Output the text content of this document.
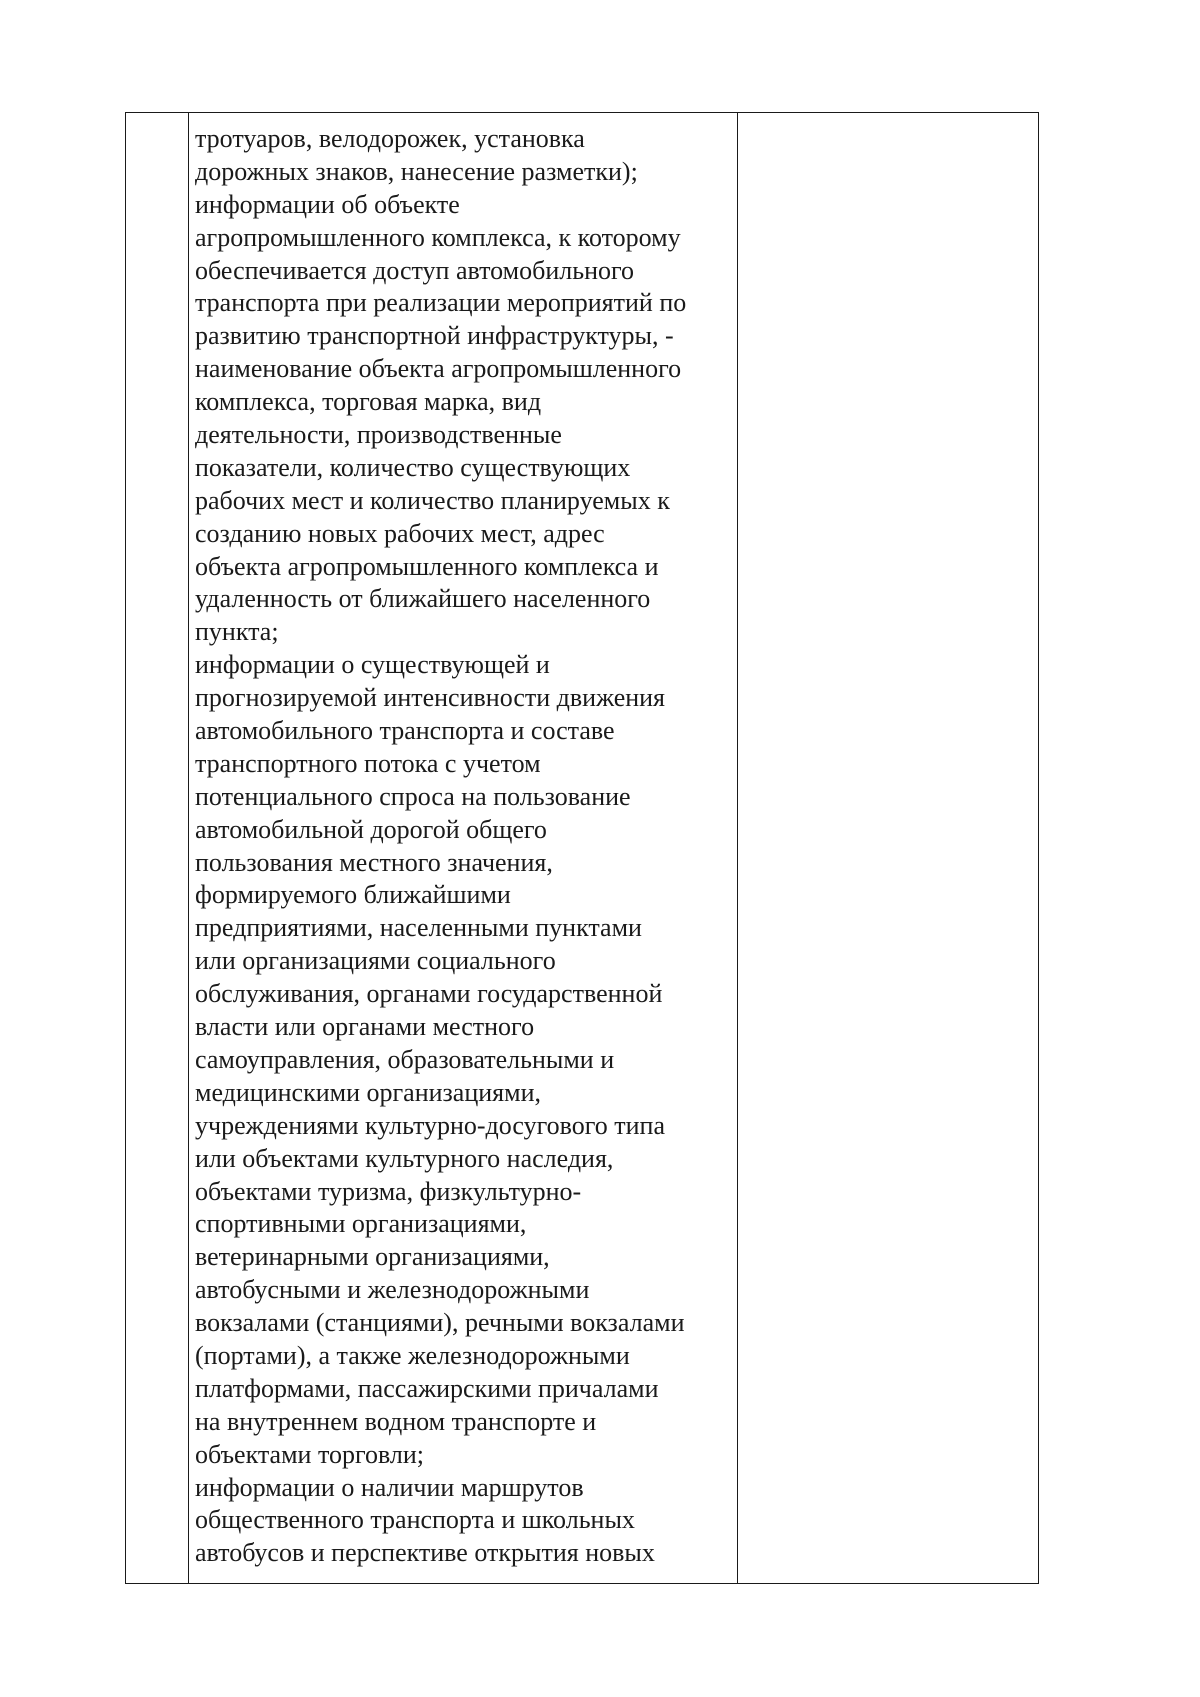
тротуаров, велодорожек, установка
дорожных знаков, нанесение разметки);
информации об объекте
агропромышленного комплекса, к которому
обеспечивается доступ автомобильного
транспорта при реализации мероприятий по
развитию транспортной инфраструктуры, -
наименование объекта агропромышленного
комплекса, торговая марка, вид
деятельности, производственные
показатели, количество существующих
рабочих мест и количество планируемых к
созданию новых рабочих мест, адрес
объекта агропромышленного комплекса и
удаленность от ближайшего населенного
пункта;
информации о существующей и
прогнозируемой интенсивности движения
автомобильного транспорта и составе
транспортного потока с учетом
потенциального спроса на пользование
автомобильной дорогой общего
пользования местного значения,
формируемого ближайшими
предприятиями, населенными пунктами
или организациями социального
обслуживания, органами государственной
власти или органами местного
самоуправления, образовательными и
медицинскими организациями,
учреждениями культурно-досугового типа
или объектами культурного наследия,
объектами туризма, физкультурно-
спортивными организациями,
ветеринарными организациями,
автобусными и железнодорожными
вокзалами (станциями), речными вокзалами
(портами), а также железнодорожными
платформами, пассажирскими причалами
на внутреннем водном транспорте и
объектами торговли;
информации о наличии маршрутов
общественного транспорта и школьных
автобусов и перспективе открытия новых
